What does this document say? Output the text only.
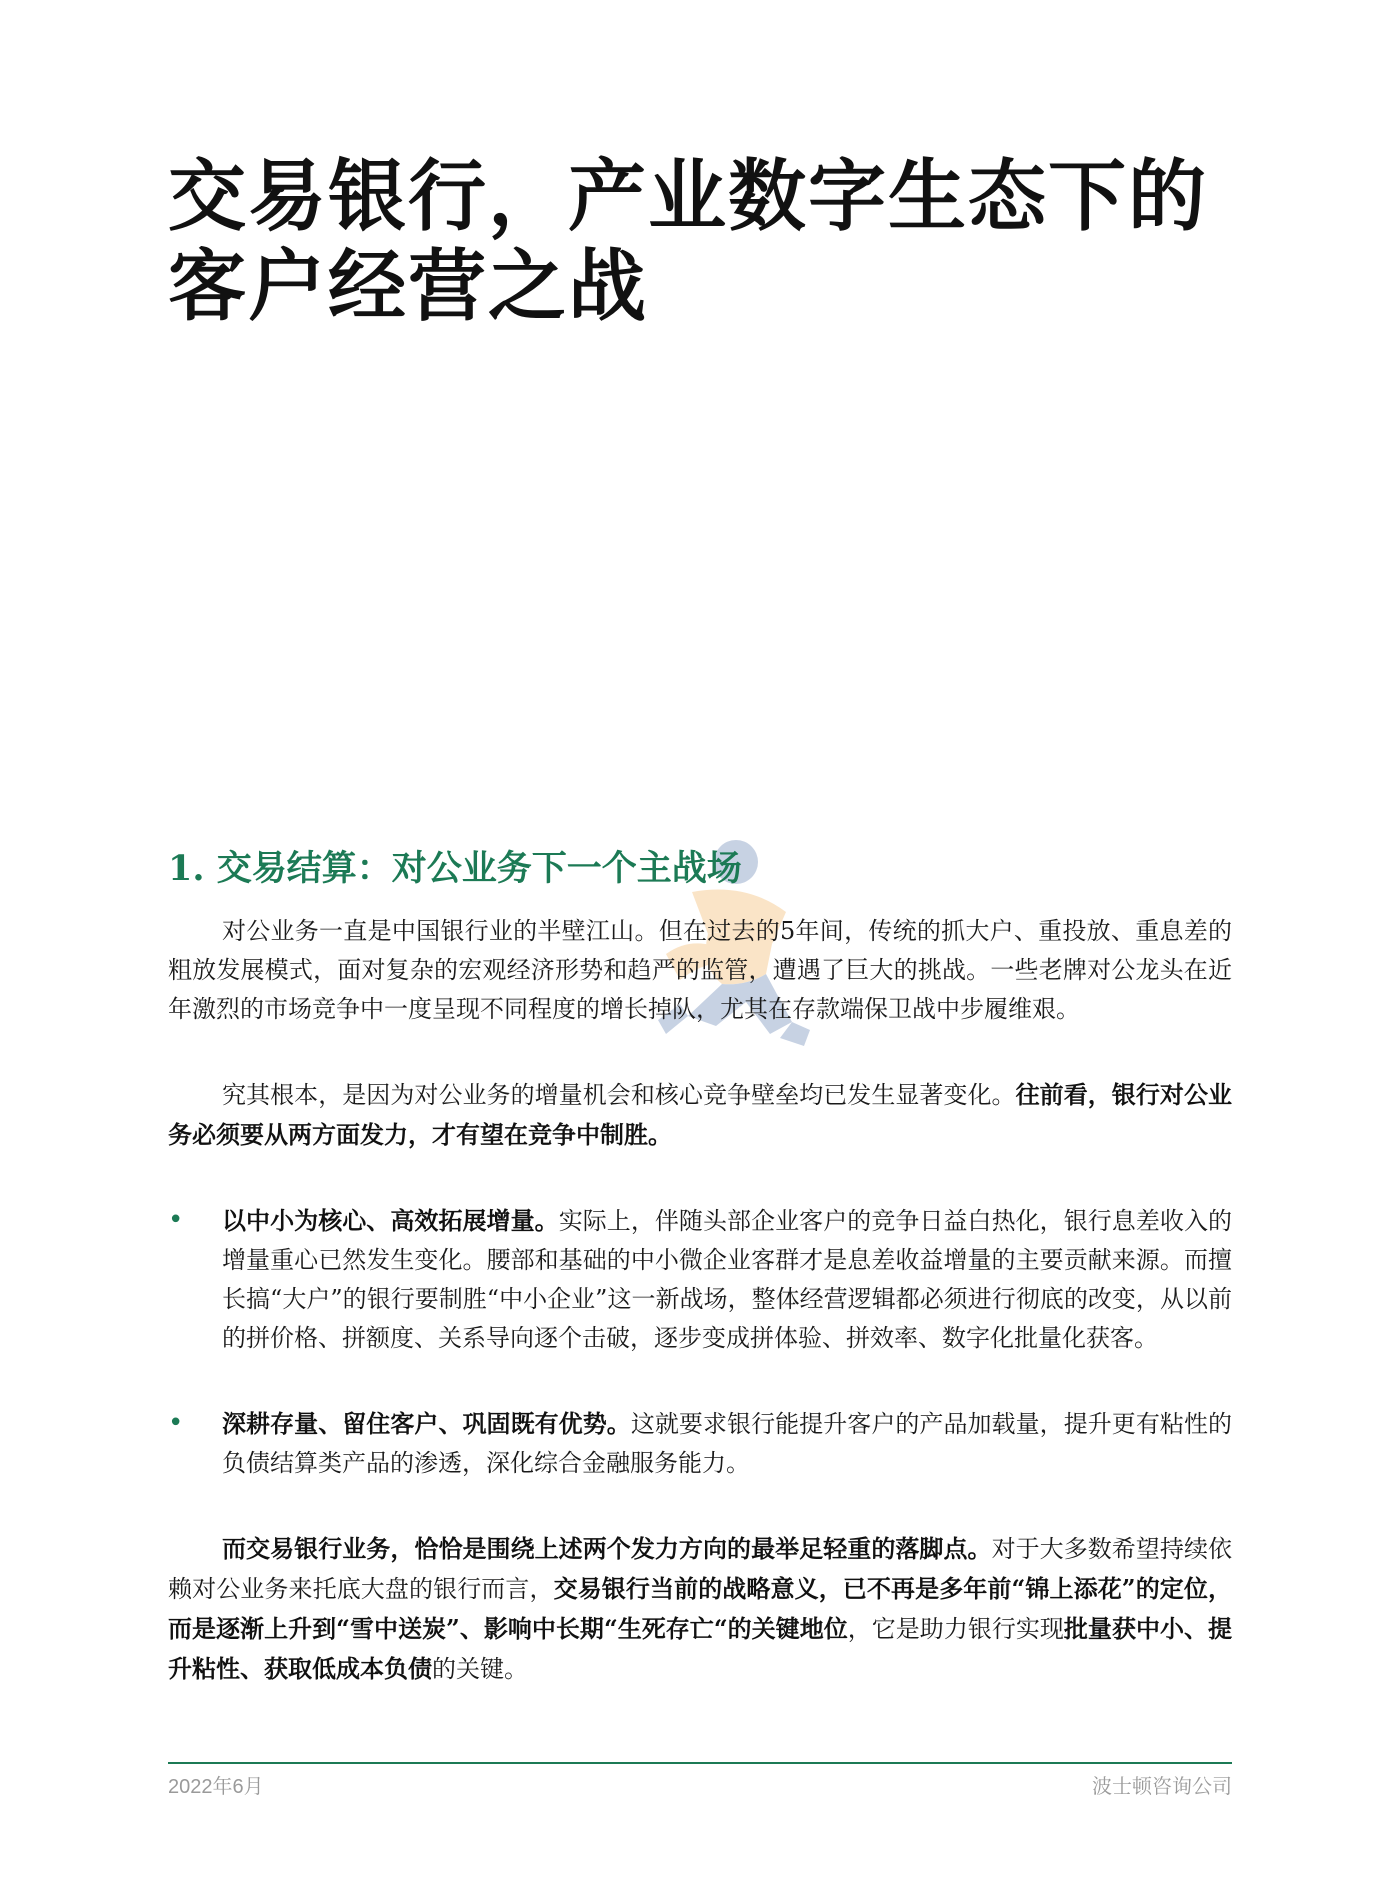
交易银行，产业数字生态下的
客户经营之战
1. 交易结算：对公业务下一个主战场

对公业务一直是中国银行业的半壁江山。但在过去的5年间，传统的抓大户、重投放、重息差的粗放发展模式，面对复杂的宏观经济形势和趋严的监管，遭遇了巨大的挑战。一些老牌对公龙头在近年激烈的市场竞争中一度呈现不同程度的增长掉队，尤其在存款端保卫战中步履维艰。

究其根本，是因为对公业务的增量机会和核心竞争壁垒均已发生显著变化。往前看，银行对公业务必须要从两方面发力，才有望在竞争中制胜。

• 以中小为核心、高效拓展增量。实际上，伴随头部企业客户的竞争日益白热化，银行息差收入的增量重心已然发生变化。腰部和基础的中小微企业客群才是息差收益增量的主要贡献来源。而擅长搞“大户”的银行要制胜“中小企业”这一新战场，整体经营逻辑都必须进行彻底的改变，从以前的拼价格、拼额度、关系导向逐个击破，逐步变成拼体验、拼效率、数字化批量化获客。
• 深耕存量、留住客户、巩固既有优势。这就要求银行能提升客户的产品加载量，提升更有粘性的负债结算类产品的渗透，深化综合金融服务能力。

而交易银行业务，恰恰是围绕上述两个发力方向的最举足轻重的落脚点。对于大多数希望持续依赖对公业务来托底大盘的银行而言，交易银行当前的战略意义，已不再是多年前“锦上添花”的定位，而是逐渐上升到“雪中送炭”、影响中长期“生死存亡“的关键地位，它是助力银行实现批量获中小、提升粘性、获取低成本负债的关键。

2022年6月	波士顿咨询公司
